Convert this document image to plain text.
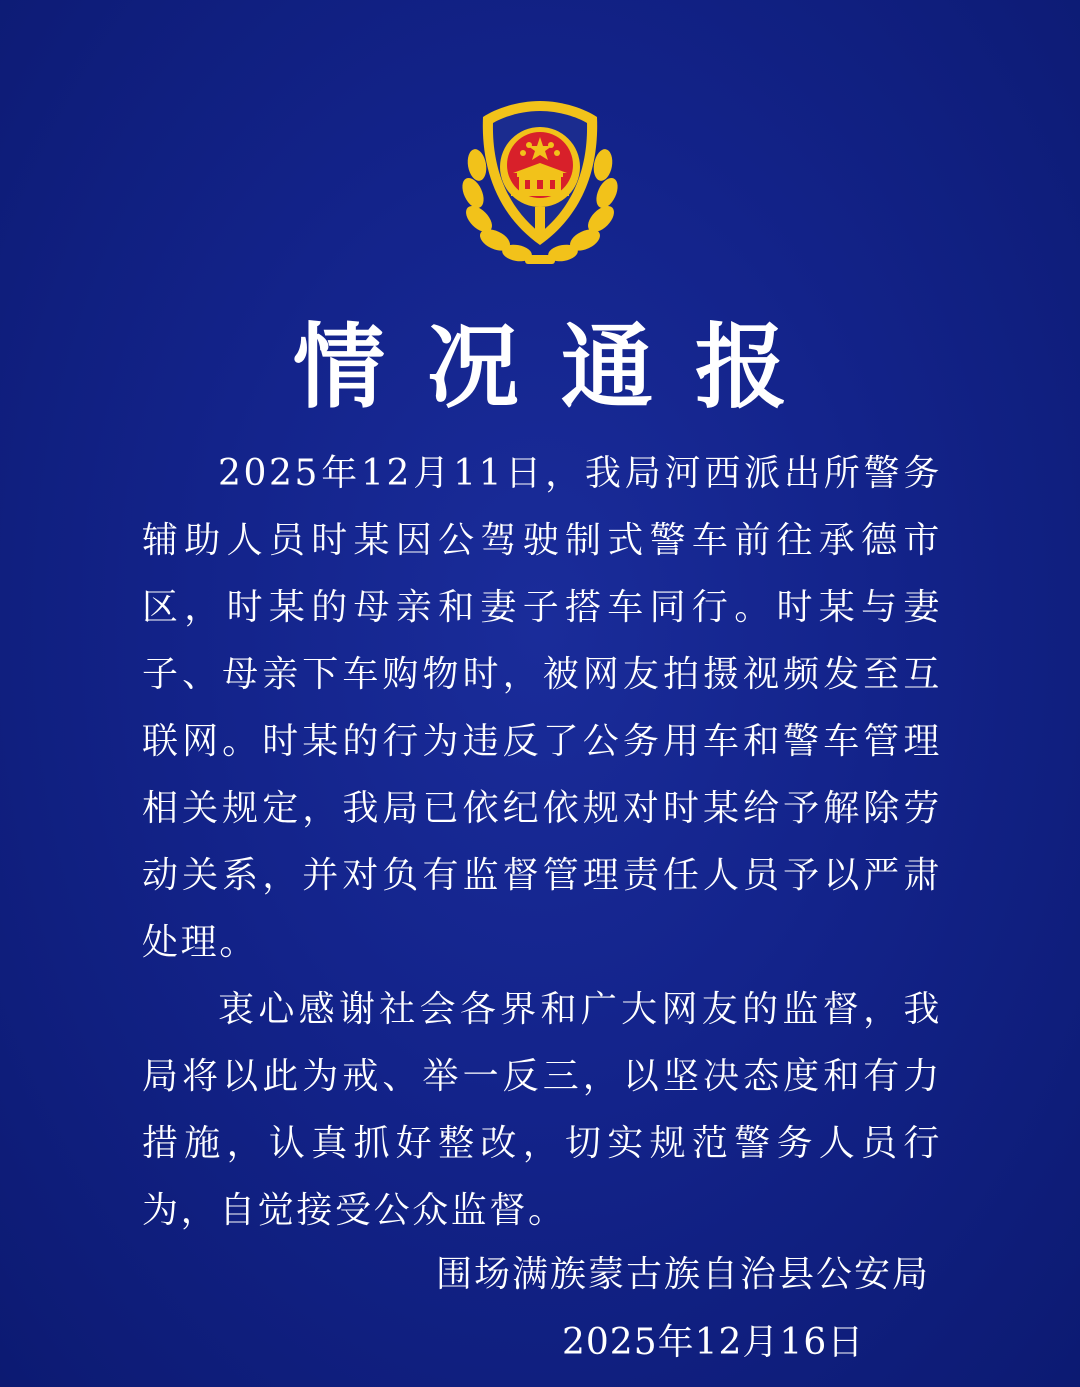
情况通报

2025年12月11日，我局河西派出所警务辅助人员时某因公驾驶制式警车前往承德市区，时某的母亲和妻子搭车同行。时某与妻子、母亲下车购物时，被网友拍摄视频发至互联网。时某的行为违反了公务用车和警车管理相关规定，我局已依纪依规对时某给予解除劳动关系，并对负有监督管理责任人员予以严肃处理。

衷心感谢社会各界和广大网友的监督，我局将以此为戒、举一反三，以坚决态度和有力措施，认真抓好整改，切实规范警务人员行为，自觉接受公众监督。

围场满族蒙古族自治县公安局
2025年12月16日
